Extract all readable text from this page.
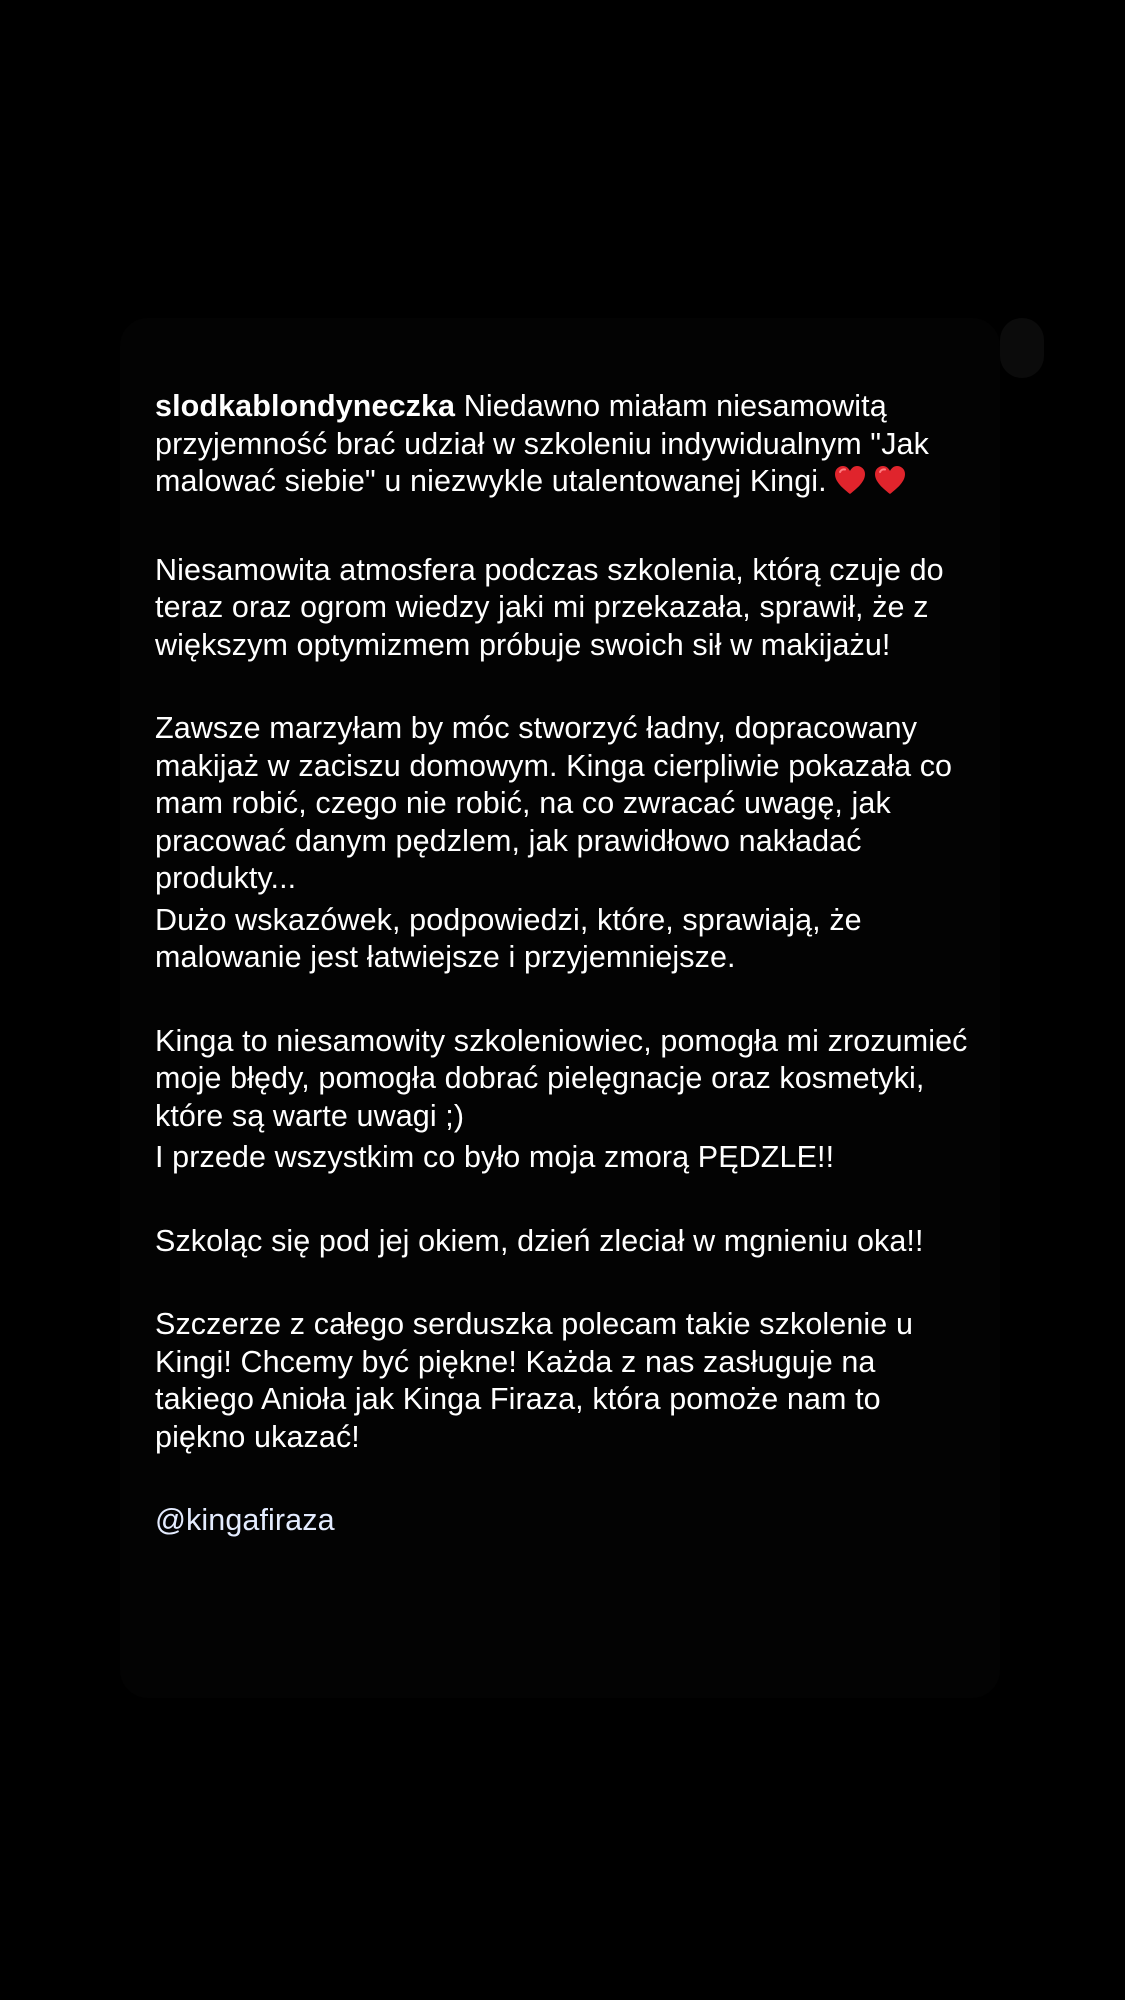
slodkablondyneczka Niedawno miałam niesamowitą przyjemność brać udział w szkoleniu indywidualnym "Jak malować siebie" u niezwykle utalentowanej Kingi.

Niesamowita atmosfera podczas szkolenia, którą czuje do teraz oraz ogrom wiedzy jaki mi przekazała, sprawił, że z większym optymizmem próbuje swoich sił w makijażu!

Zawsze marzyłam by móc stworzyć ładny, dopracowany makijaż w zaciszu domowym. Kinga cierpliwie pokazała co mam robić, czego nie robić, na co zwracać uwagę, jak pracować danym pędzlem, jak prawidłowo nakładać produkty...

Dużo wskazówek, podpowiedzi, które, sprawiają, że malowanie jest łatwiejsze i przyjemniejsze.

Kinga to niesamowity szkoleniowiec, pomogła mi zrozumieć moje błędy, pomogła dobrać pielęgnacje oraz kosmetyki, które są warte uwagi ;)

I przede wszystkim co było moja zmorą PĘDZLE!!

Szkoląc się pod jej okiem, dzień zleciał w mgnieniu oka!!

Szczerze z całego serduszka polecam takie szkolenie u Kingi! Chcemy być piękne! Każda z nas zasługuje na takiego Anioła jak Kinga Firaza, która pomoże nam to piękno ukazać!

@kingafiraza
